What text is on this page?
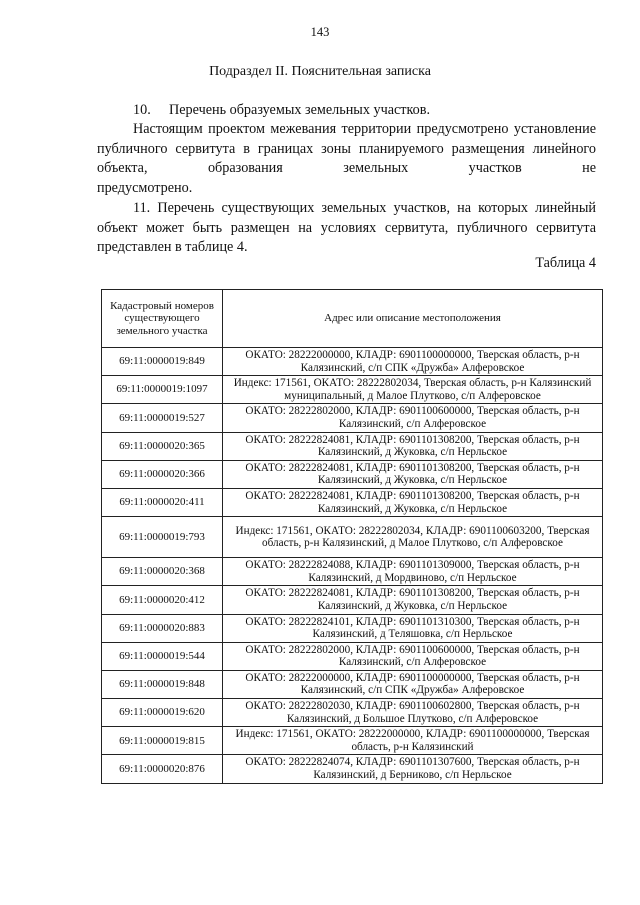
143
Подраздел II. Пояснительная записка
10. Перечень образуемых земельных участков.
Настоящим проектом межевания территории предусмотрено установление публичного сервитута в границах зоны планируемого размещения линейного объекта, образования земельных участков не
предусмотрено.
11. Перечень существующих земельных участков, на которых линейный объект может быть размещен на условиях сервитута, публичного сервитута представлен в таблице 4.
Таблица 4
Кадастровый номеров существующего земельного участка	Адрес или описание местоположения
69:11:0000019:849	ОКАТО: 28222000000, КЛАДР: 6901100000000, Тверская область, р-н Калязинский, с/п СПК «Дружба» Алферовское
69:11:0000019:1097	Индекс: 171561, ОКАТО: 28222802034, Тверская область, р-н Калязинский муниципальный, д Малое Плутково, с/п Алферовское
69:11:0000019:527	ОКАТО: 28222802000, КЛАДР: 6901100600000, Тверская область, р-н Калязинский, с/п Алферовское
69:11:0000020:365	ОКАТО: 28222824081, КЛАДР: 6901101308200, Тверская область, р-н Калязинский, д Жуковка, с/п Нерльское
69:11:0000020:366	ОКАТО: 28222824081, КЛАДР: 6901101308200, Тверская область, р-н Калязинский, д Жуковка, с/п Нерльское
69:11:0000020:411	ОКАТО: 28222824081, КЛАДР: 6901101308200, Тверская область, р-н Калязинский, д Жуковка, с/п Нерльское
69:11:0000019:793	Индекс: 171561, ОКАТО: 28222802034, КЛАДР: 6901100603200, Тверская область, р-н Калязинский, д Малое Плутково, с/п Алферовское
69:11:0000020:368	ОКАТО: 28222824088, КЛАДР: 6901101309000, Тверская область, р-н Калязинский, д Мордвиново, с/п Нерльское
69:11:0000020:412	ОКАТО: 28222824081, КЛАДР: 6901101308200, Тверская область, р-н Калязинский, д Жуковка, с/п Нерльское
69:11:0000020:883	ОКАТО: 28222824101, КЛАДР: 6901101310300, Тверская область, р-н Калязинский, д Теляшовка, с/п Нерльское
69:11:0000019:544	ОКАТО: 28222802000, КЛАДР: 6901100600000, Тверская область, р-н Калязинский, с/п Алферовское
69:11:0000019:848	ОКАТО: 28222000000, КЛАДР: 6901100000000, Тверская область, р-н Калязинский, с/п СПК «Дружба» Алферовское
69:11:0000019:620	ОКАТО: 28222802030, КЛАДР: 6901100602800, Тверская область, р-н Калязинский, д Большое Плутково, с/п Алферовское
69:11:0000019:815	Индекс: 171561, ОКАТО: 28222000000, КЛАДР: 6901100000000, Тверская область, р-н Калязинский
69:11:0000020:876	ОКАТО: 28222824074, КЛАДР: 6901101307600, Тверская область, р-н Калязинский, д Берниково, с/п Нерльское
